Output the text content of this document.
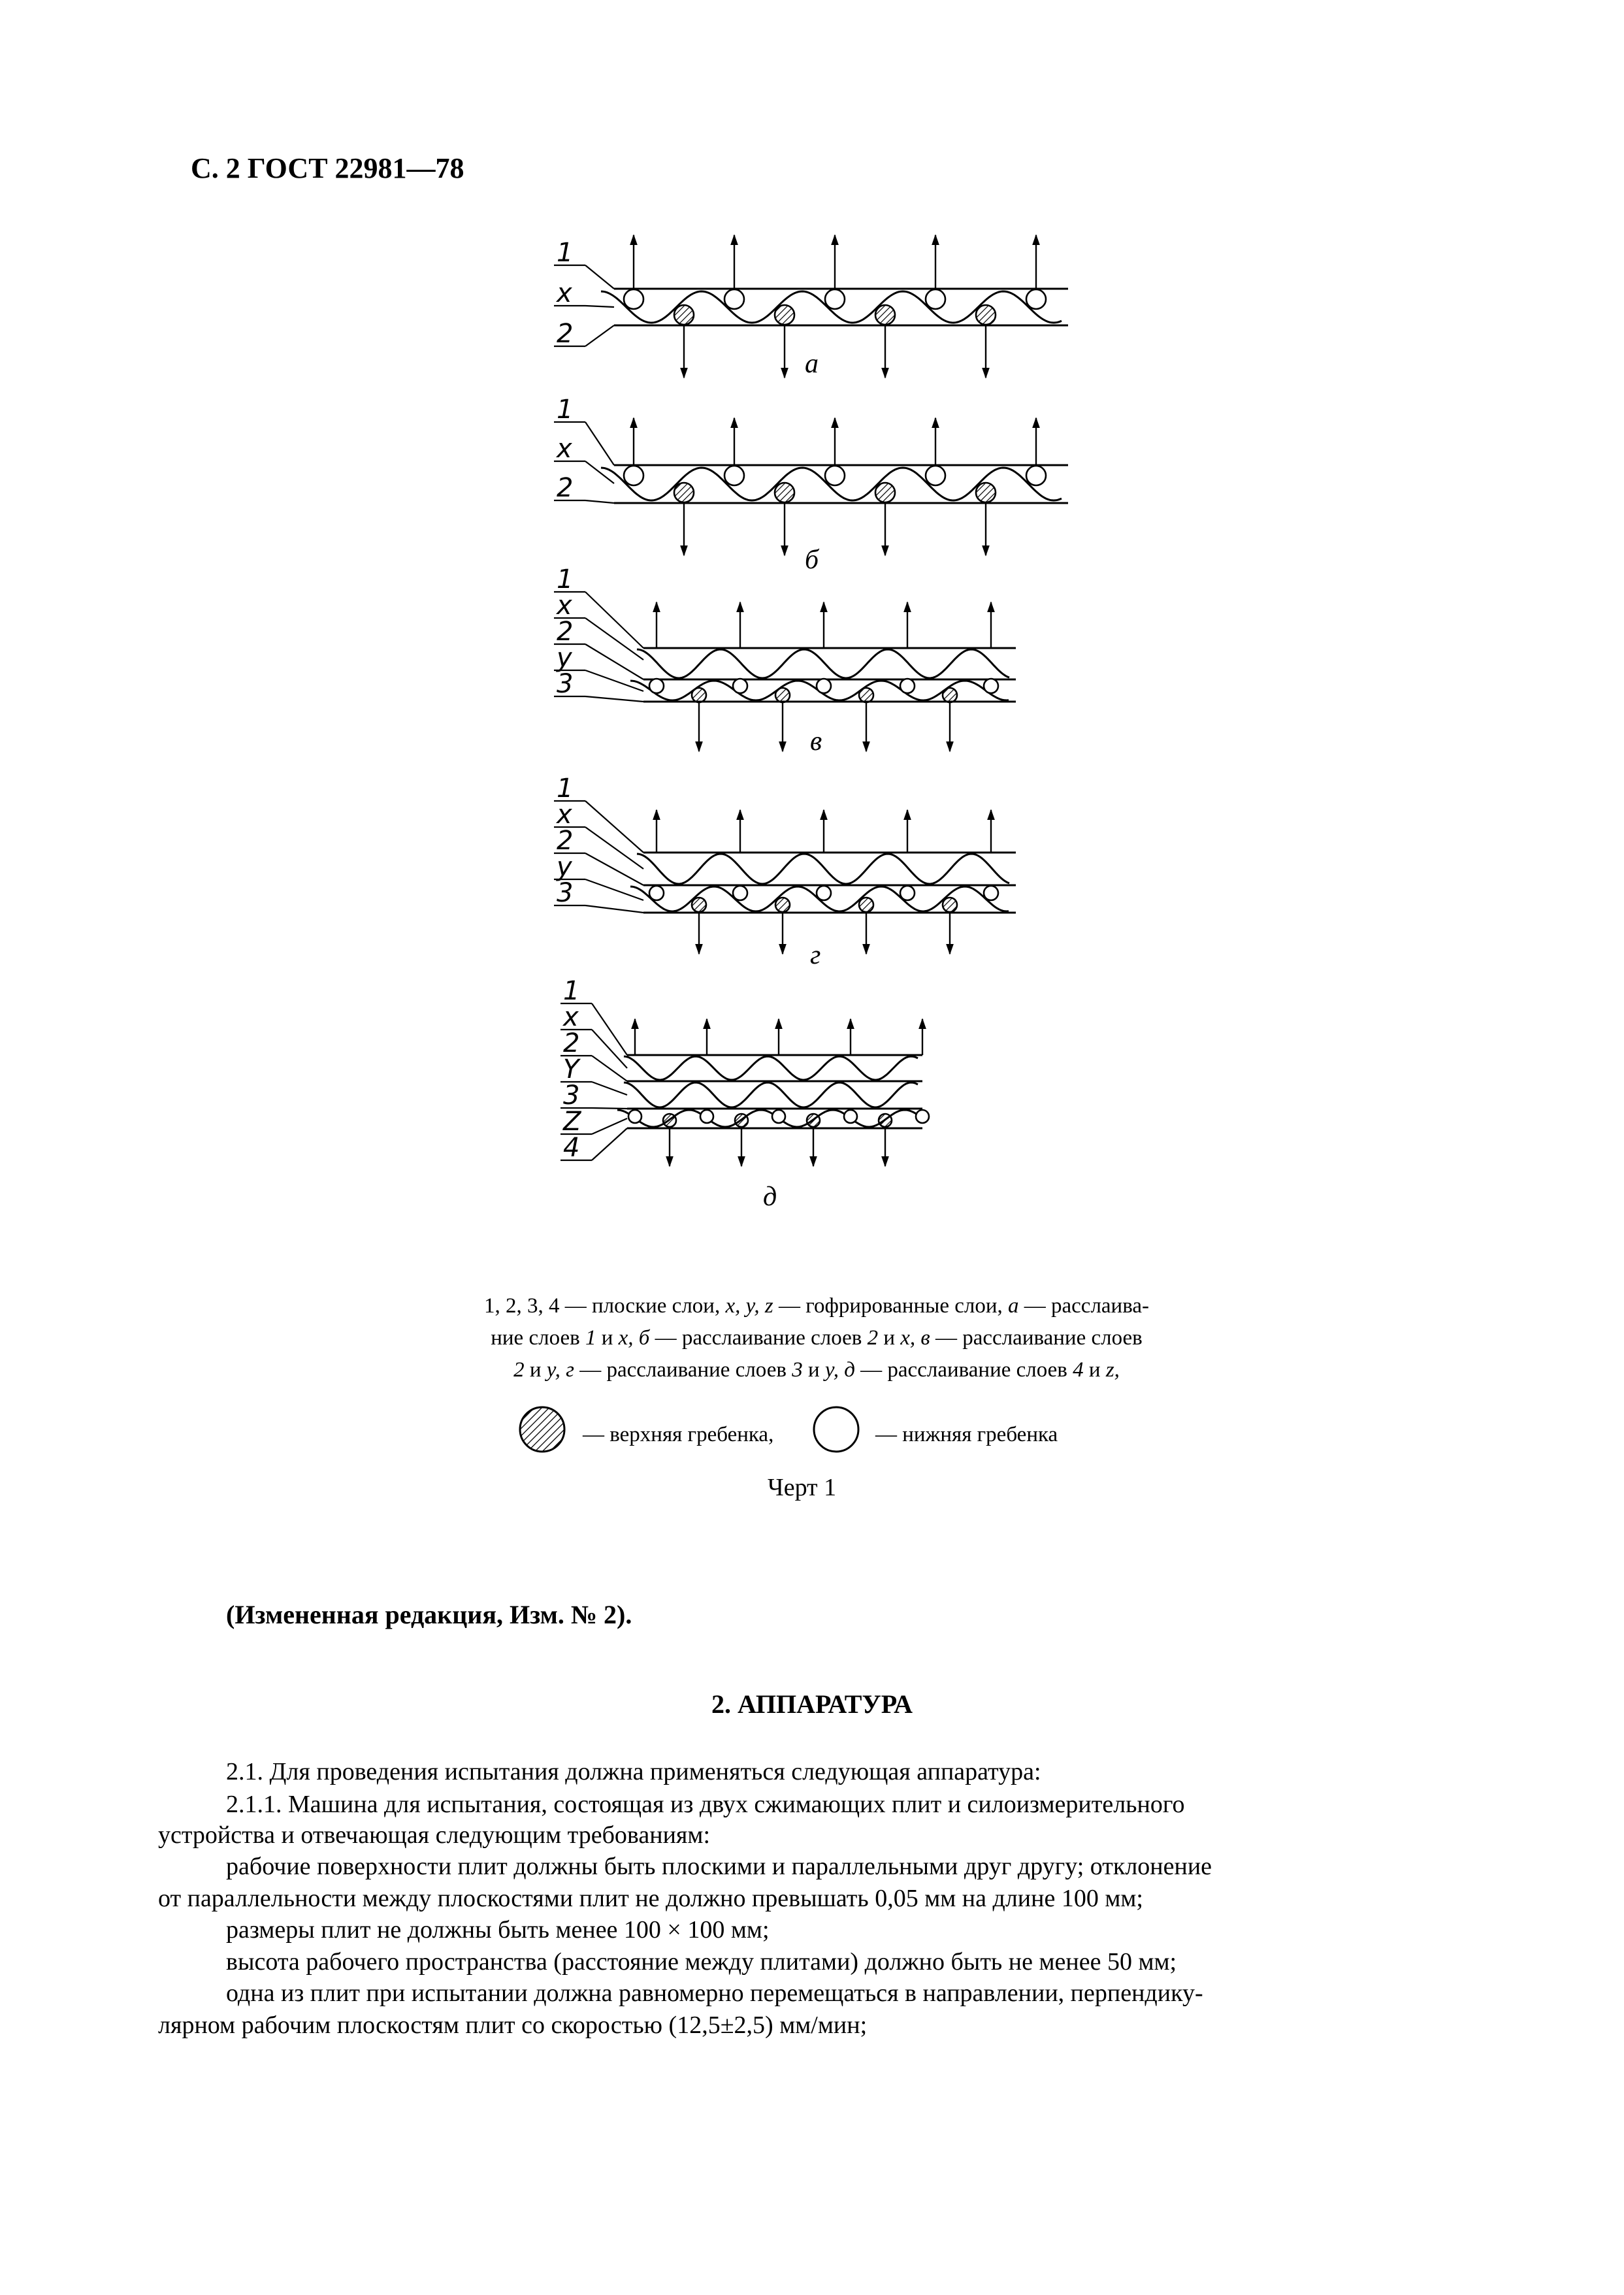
С. 2 ГОСТ 22981—78
1
x
2
а
1
x
2
б
1
x
2
y
3
в
1
x
2
y
3
г
1
x
2
Y
3
Z
4
д
1, 2, 3, 4 — плоские слои, x, y, z — гофрированные слои, а — расслаива-
ние слоев 1 и x, б — расслаивание слоев 2 и x, в — расслаивание слоев
2 и y, г — расслаивание слоев 3 и y, д — расслаивание слоев 4 и z,
— верхняя гребенка,	— нижняя гребенка
Черт 1
(Измененная редакция, Изм. № 2).
2. АППАРАТУРА
2.1. Для проведения испытания должна применяться следующая аппаратура:
2.1.1. Машина для испытания, состоящая из двух сжимающих плит и силоизмерительного
устройства и отвечающая следующим требованиям:
рабочие поверхности плит должны быть плоскими и параллельными друг другу; отклонение
от параллельности между плоскостями плит не должно превышать 0,05 мм на длине 100 мм;
размеры плит не должны быть менее 100 × 100 мм;
высота рабочего пространства (расстояние между плитами) должно быть не менее 50 мм;
одна из плит при испытании должна равномерно перемещаться в направлении, перпендику-
лярном рабочим плоскостям плит со скоростью (12,5±2,5) мм/мин;
